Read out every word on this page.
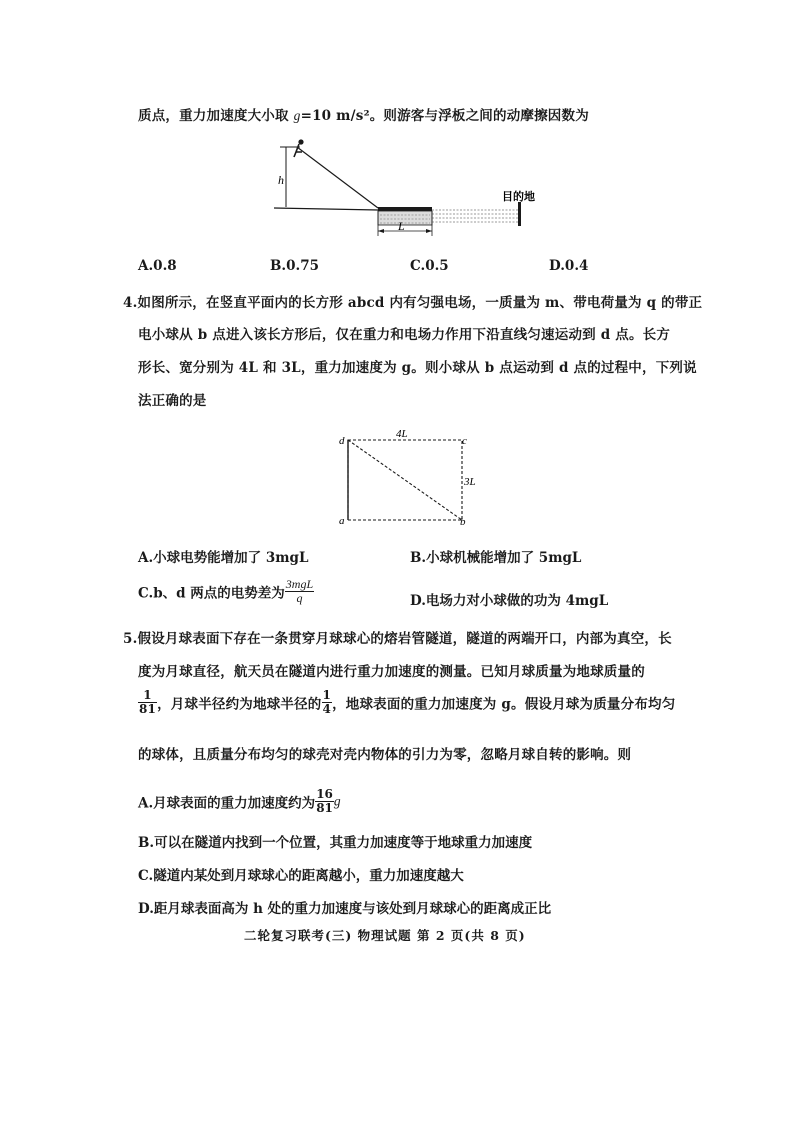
质点，重力加速度大小取 g=10 m/s²。则游客与浮板之间的动摩擦因数为
h
目的地
L
A.0.8	B.0.75	C.0.5	D.0.4
4.如图所示，在竖直平面内的长方形 abcd 内有匀强电场，一质量为 m、带电荷量为 q 的带正
电小球从 b 点进入该长方形后，仅在重力和电场力作用下沿直线匀速运动到 d 点。长方
形长、宽分别为 4L 和 3L，重力加速度为 g。则小球从 b 点运动到 d 点的过程中，下列说
法正确的是
d	c
a	b
4L
3L
A.小球电势能增加了 3mgL	B.小球机械能增加了 5mgL
C.b、d 两点的电势差为 $\frac{\text{3mgL}}{q}$	D.电场力对小球做的功为 4mgL
5.假设月球表面下存在一条贯穿月球球心的熔岩管隧道，隧道的两端开口，内部为真空，长
度为月球直径，航天员在隧道内进行重力加速度的测量。已知月球质量为地球质量的
$\frac{1}{81}$ ，月球半径约为地球半径的 $\frac{1}{4}$ ，地球表面的重力加速度为 g。假设月球为质量分布均匀
的球体，且质量分布均匀的球壳对壳内物体的引力为零，忽略月球自转的影响。则
A.月球表面的重力加速度约为 $\frac{16}{81}$ g
B.可以在隧道内找到一个位置，其重力加速度等于地球重力加速度
C.隧道内某处到月球球心的距离越小，重力加速度越大
D.距月球表面高为 h 处的重力加速度与该处到月球球心的距离成正比
二轮复习联考(三) 物理试题 第 2 页(共 8 页)
